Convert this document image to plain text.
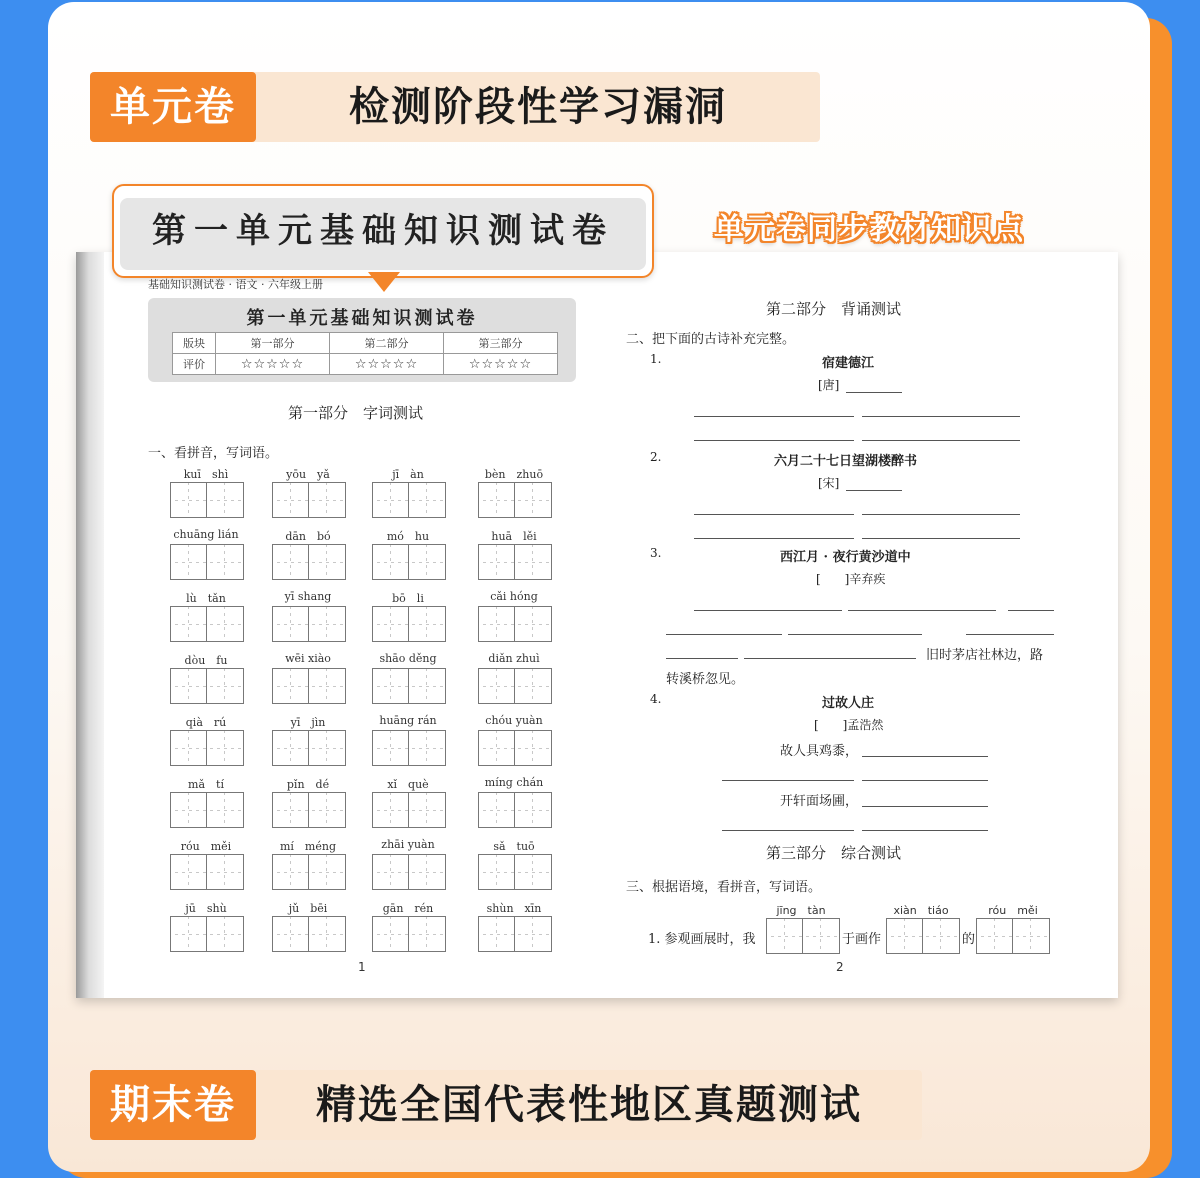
单元卷	检测阶段性学习漏洞
单元卷同步教材知识点
基础知识测试卷 · 语文 · 六年级上册
第一部分　字词测试
一、看拼音，写词语。
kuī　shì	yōu　yǎ	jī　àn	bèn　zhuō
chuāng lián	dān　bó	mó　hu	huā　lěi
lù　tǎn	yī shang	bō　li	cǎi hóng
dòu　fu	wēi xiào	shāo děng	diǎn zhuì
qià　rú	yī　jìn	huāng rán	chóu yuàn
mǎ　tí	pǐn　dé	xǐ　què	míng chán
róu　měi	mí　méng	zhāi yuàn	sǎ　tuō
jū　shù	jǔ　bēi	gān　rén	shùn　xīn
1
第二部分　背诵测试
二、把下面的古诗补充完整。
1.	宿建德江
[唐]
2.	六月二十七日望湖楼醉书
[宋]
3.	西江月 · 夜行黄沙道中
[　　]辛弃疾
旧时茅店社林边，路
转溪桥忽见。
4.	过故人庄
[　　]孟浩然
故人具鸡黍，
开轩面场圃，
第三部分　综合测试
三、根据语境，看拼音，写词语。
jīng　tàn	xiàn　tiáo	róu　měi
1. 参观画展时，我	于画作	的
2
第一单元基础知识测试卷
版块	第一部分	第二部分	第三部分
评价	☆☆☆☆☆	☆☆☆☆☆	☆☆☆☆☆
第一单元基础知识测试卷
期末卷	精选全国代表性地区真题测试
